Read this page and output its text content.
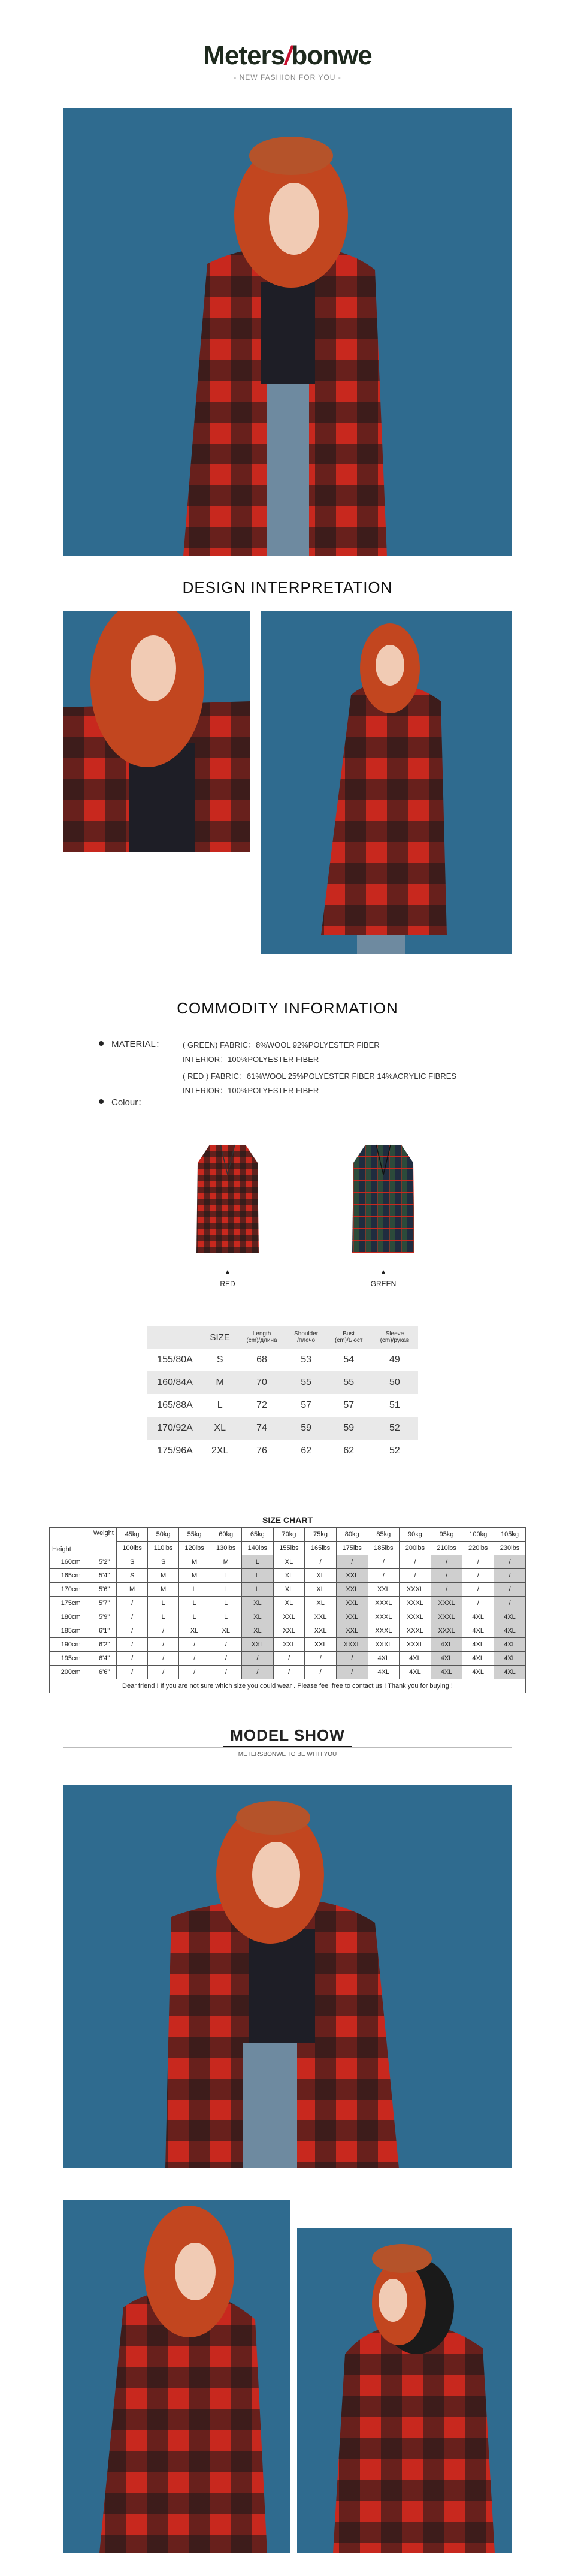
Meters/bonwe
- NEW FASHION FOR YOU -
DESIGN INTERPRETATION
COMMODITY INFORMATION
MATERIAL： ( GREEN) FABRIC：8%WOOL 92%POLYESTER FIBER
INTERIOR：100%POLYESTER FIBER
( RED ) FABRIC：61%WOOL 25%POLYESTER FIBER 14%ACRYLIC FIBRES
INTERIOR：100%POLYESTER FIBER
Colour：
▲
RED
▲
GREEN
	SIZE	Length
(cm)/длина	Shoulder
/плечо	Bust
(cm)/Бюст	Sleeve
(cm)/рукав
155/80A	S	68	53	54	49
160/84A	M	70	55	55	50
165/88A	L	72	57	57	51
170/92A	XL	74	59	59	52
175/96A	2XL	76	62	62	52
SIZE CHART
Weight
Height		45kg	50kg	55kg	60kg	65kg	70kg	75kg	80kg	85kg	90kg	95kg	100kg	105kg
		100lbs	110lbs	120lbs	130lbs	140lbs	155lbs	165lbs	175lbs	185lbs	200lbs	210lbs	220lbs	230lbs
160cm	5'2"	S	S	M	M	L	XL	/	/	/	/	/	/	/
165cm	5'4"	S	M	M	L	L	XL	XL	XXL	/	/	/	/	/
170cm	5'6"	M	M	L	L	L	XL	XL	XXL	XXL	XXXL	/	/	/
175cm	5'7"	/	L	L	L	XL	XL	XL	XXL	XXXL	XXXL	XXXL	/	/
180cm	5'9"	/	L	L	L	XL	XXL	XXL	XXL	XXXL	XXXL	XXXL	4XL	4XL
185cm	6'1"	/	/	XL	XL	XL	XXL	XXL	XXL	XXXL	XXXL	XXXL	4XL	4XL
190cm	6'2"	/	/	/	/	XXL	XXL	XXL	XXXL	XXXL	XXXL	4XL	4XL	4XL
195cm	6'4"	/	/	/	/	/	/	/	/	4XL	4XL	4XL	4XL	4XL
200cm	6'6"	/	/	/	/	/	/	/	/	4XL	4XL	4XL	4XL	4XL
Dear friend ! If you are not sure which size you could wear . Please feel free to contact us ! Thank you for buying !														
MODEL SHOW
METERSBONWE TO BE WITH YOU
